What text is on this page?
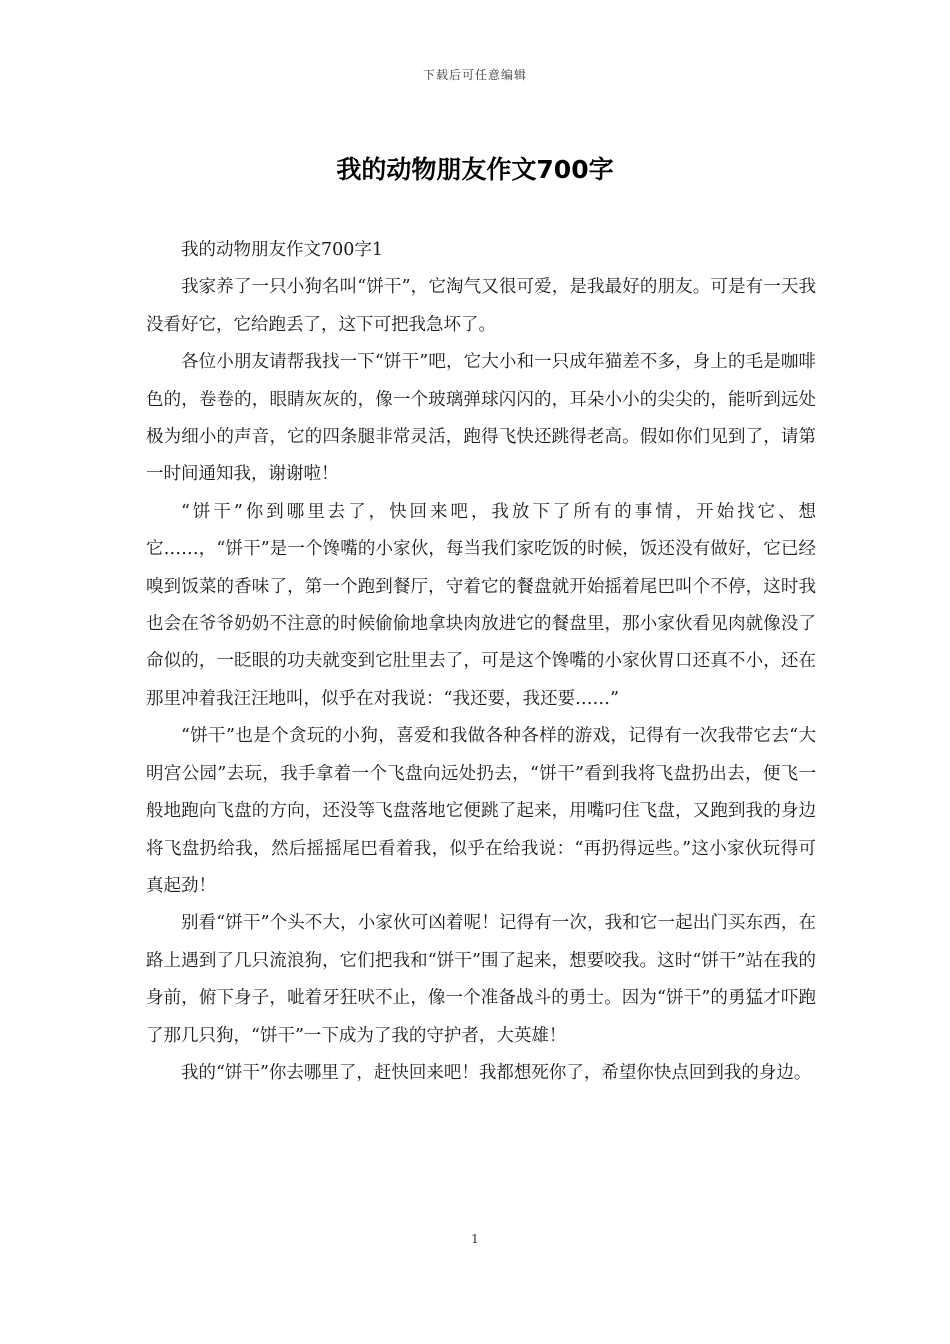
下载后可任意编辑
我的动物朋友作文700字

我的动物朋友作文700字1

我家养了一只小狗名叫“饼干”，它淘气又很可爱，是我最好的朋友。可是有一天我没看好它，它给跑丢了，这下可把我急坏了。

各位小朋友请帮我找一下“饼干”吧，它大小和一只成年猫差不多，身上的毛是咖啡色的，卷卷的，眼睛灰灰的，像一个玻璃弹球闪闪的，耳朵小小的尖尖的，能听到远处极为细小的声音，它的四条腿非常灵活，跑得飞快还跳得老高。假如你们见到了，请第一时间通知我，谢谢啦！

“饼干”你到哪里去了，快回来吧，我放下了所有的事情，开始找它、想它……，“饼干”是一个馋嘴的小家伙，每当我们家吃饭的时候，饭还没有做好，它已经嗅到饭菜的香味了，第一个跑到餐厅，守着它的餐盘就开始摇着尾巴叫个不停，这时我也会在爷爷奶奶不注意的时候偷偷地拿块肉放进它的餐盘里，那小家伙看见肉就像没了命似的，一眨眼的功夫就变到它肚里去了，可是这个馋嘴的小家伙胃口还真不小，还在那里冲着我汪汪地叫，似乎在对我说：“我还要，我还要……”

“饼干”也是个贪玩的小狗，喜爱和我做各种各样的游戏，记得有一次我带它去“大明宫公园”去玩，我手拿着一个飞盘向远处扔去，“饼干”看到我将飞盘扔出去，便飞一般地跑向飞盘的方向，还没等飞盘落地它便跳了起来，用嘴叼住飞盘，又跑到我的身边将飞盘扔给我，然后摇摇尾巴看着我，似乎在给我说：“再扔得远些。”这小家伙玩得可真起劲！

别看“饼干”个头不大，小家伙可凶着呢！记得有一次，我和它一起出门买东西，在路上遇到了几只流浪狗，它们把我和“饼干”围了起来，想要咬我。这时“饼干”站在我的身前，俯下身子，呲着牙狂吠不止，像一个准备战斗的勇士。因为“饼干”的勇猛才吓跑了那几只狗，“饼干”一下成为了我的守护者，大英雄！

我的“饼干”你去哪里了，赶快回来吧！我都想死你了，希望你快点回到我的身边。

1
